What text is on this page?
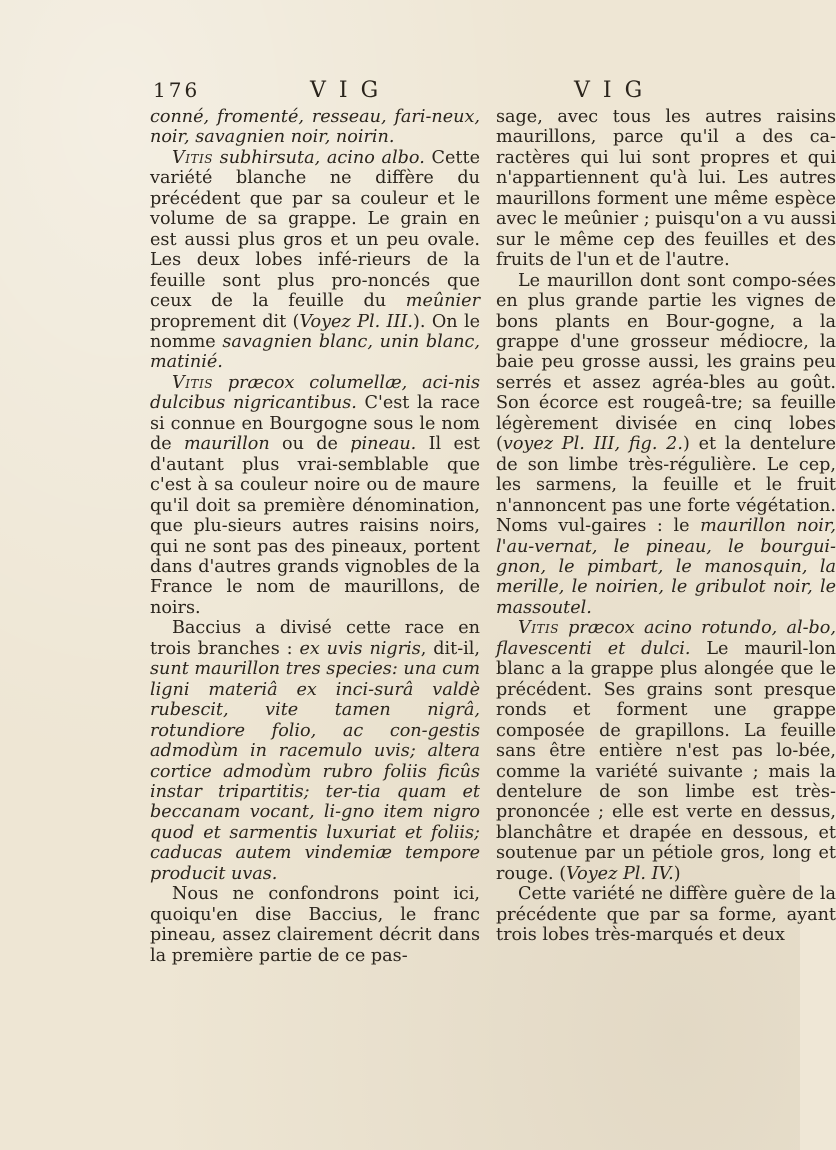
176	V I G	V I G

conné, fromenté, resseau, fari-neux, noir, savagnien noir, noirin.

Vitis subhirsuta, acino albo. Cette variété blanche ne diffère du précédent que par sa couleur et le volume de sa grappe. Le grain en est aussi plus gros et un peu ovale. Les deux lobes infé-rieurs de la feuille sont plus pro-noncés que ceux de la feuille du meûnier proprement dit (Voyez Pl. III.). On le nomme savagnien blanc, unin blanc, matinié.

Vitis præcox columellæ, aci-nis dulcibus nigricantibus. C'est la race si connue en Bourgogne sous le nom de maurillon ou de pineau. Il est d'autant plus vrai-semblable que c'est à sa couleur noire ou de maure qu'il doit sa première dénomination, que plu-sieurs autres raisins noirs, qui ne sont pas des pineaux, portent dans d'autres grands vignobles de la France le nom de maurillons, de noirs.

Baccius a divisé cette race en trois branches : ex uvis nigris, dit-il, sunt maurillon tres species: una cum ligni materiâ ex inci-surâ valdè rubescit, vite tamen nigrâ, rotundiore folio, ac con-gestis admodùm in racemulo uvis; altera cortice admodùm rubro foliis ficûs instar tripartitis; ter-tia quam et beccanam vocant, li-gno item nigro quod et sarmentis luxuriat et foliis; caducas autem vindemiæ tempore producit uvas.

Nous ne confondrons point ici, quoiqu'en dise Baccius, le franc pineau, assez clairement décrit dans la première partie de ce pas-

sage, avec tous les autres raisins maurillons, parce qu'il a des ca-ractères qui lui sont propres et qui n'appartiennent qu'à lui. Les autres maurillons forment une même espèce avec le meûnier ; puisqu'on a vu aussi sur le même cep des feuilles et des fruits de l'un et de l'autre.

Le maurillon dont sont compo-sées en plus grande partie les vignes de bons plants en Bour-gogne, a la grappe d'une grosseur médiocre, la baie peu grosse aussi, les grains peu serrés et assez agréa-bles au goût. Son écorce est rougeâ-tre; sa feuille légèrement divisée en cinq lobes (voyez Pl. III, fig. 2.) et la dentelure de son limbe très-régulière. Le cep, les sarmens, la feuille et le fruit n'annoncent pas une forte végétation. Noms vul-gaires : le maurillon noir, l'au-vernat, le pineau, le bourgui-gnon, le pimbart, le manosquin, la merille, le noirien, le gribulot noir, le massoutel.

Vitis præcox acino rotundo, al-bo, flavescenti et dulci. Le mauril-lon blanc a la grappe plus alongée que le précédent. Ses grains sont presque ronds et forment une grappe composée de grapillons. La feuille sans être entière n'est pas lo-bée, comme la variété suivante ; mais la dentelure de son limbe est très-prononcée ; elle est verte en dessus, blanchâtre et drapée en dessous, et soutenue par un pétiole gros, long et rouge. (Voyez Pl. IV.)

Cette variété ne diffère guère de la précédente que par sa forme, ayant trois lobes très-marqués et deux
